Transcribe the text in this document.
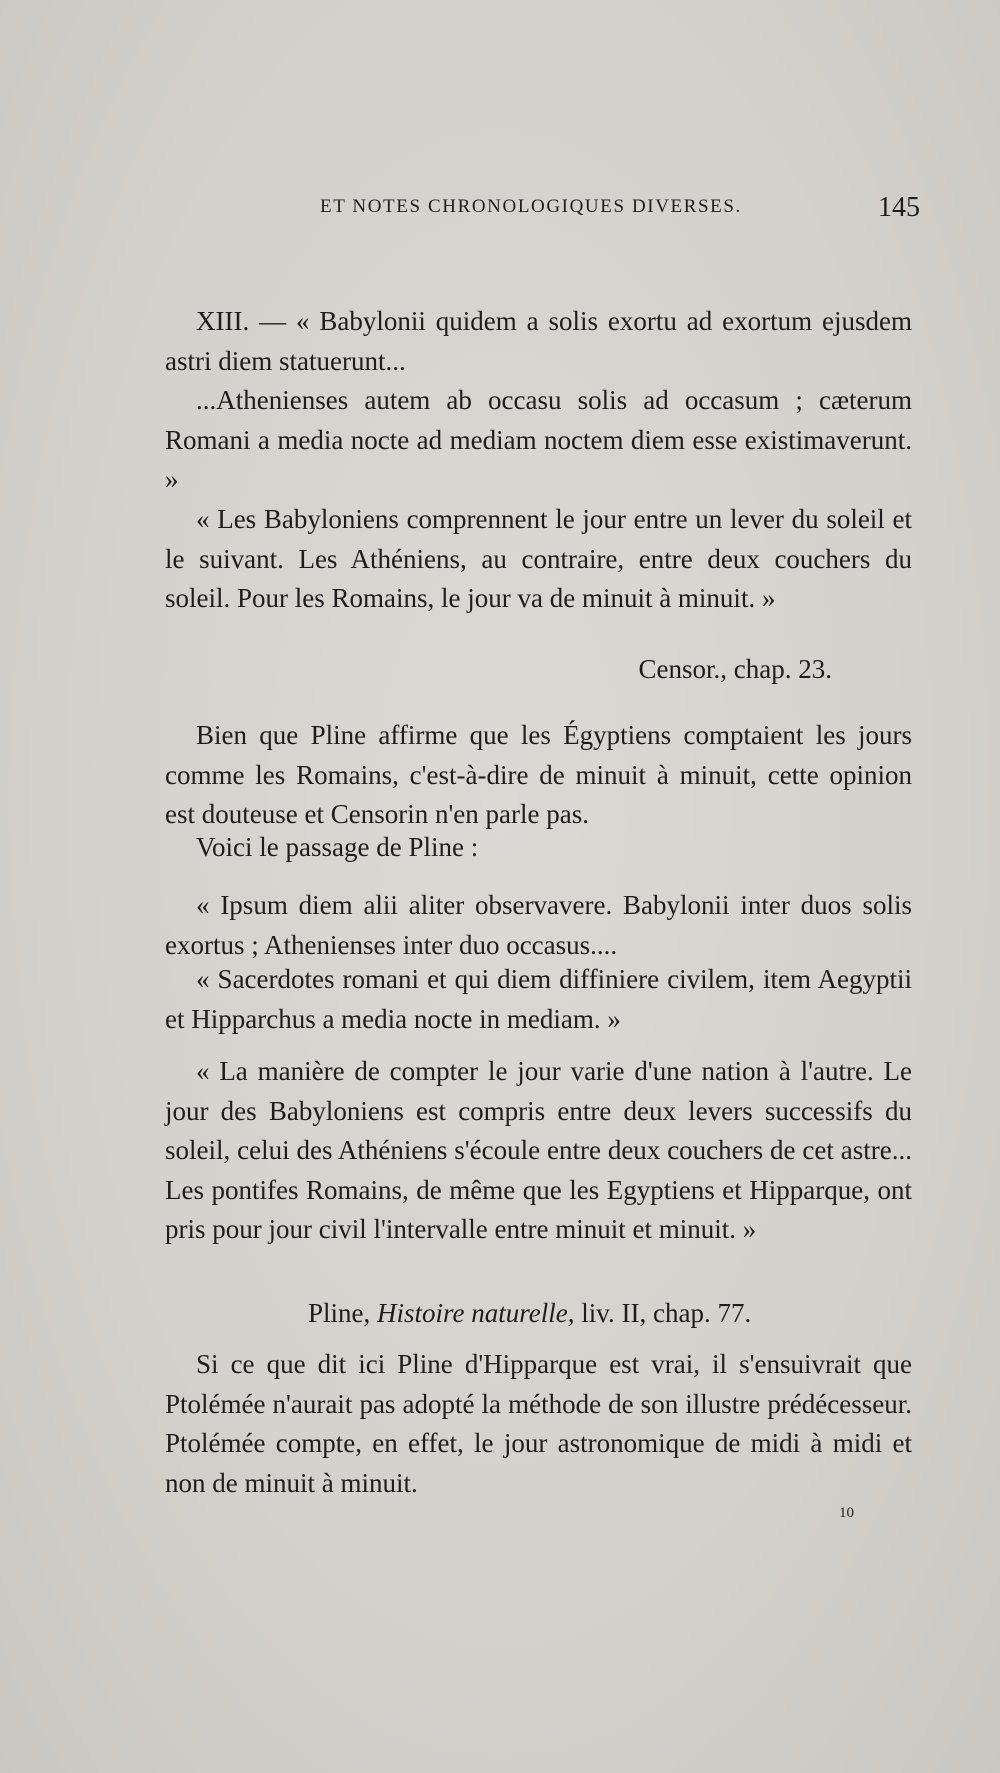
ET NOTES CHRONOLOGIQUES DIVERSES.	145

XIII. — « Babylonii quidem a solis exortu ad exortum ejusdem astri diem statuerunt...

...Athenienses autem ab occasu solis ad occasum ; cæterum Romani a media nocte ad mediam noctem diem esse existimaverunt. »

« Les Babyloniens comprennent le jour entre un lever du soleil et le suivant. Les Athéniens, au contraire, entre deux couchers du soleil. Pour les Romains, le jour va de minuit à minuit. »

Censor., chap. 23.

Bien que Pline affirme que les Égyptiens comptaient les jours comme les Romains, c'est-à-dire de minuit à minuit, cette opinion est douteuse et Censorin n'en parle pas.

Voici le passage de Pline :

« Ipsum diem alii aliter observavere. Babylonii inter duos solis exortus ; Athenienses inter duo occasus....

« Sacerdotes romani et qui diem diffiniere civilem, item Aegyptii et Hipparchus a media nocte in mediam. »

« La manière de compter le jour varie d'une nation à l'autre. Le jour des Babyloniens est compris entre deux levers successifs du soleil, celui des Athéniens s'écoule entre deux couchers de cet astre... Les pontifes Romains, de même que les Egyptiens et Hipparque, ont pris pour jour civil l'intervalle entre minuit et minuit. »

Pline, Histoire naturelle, liv. II, chap. 77.

Si ce que dit ici Pline d'Hipparque est vrai, il s'ensuivrait que Ptolémée n'aurait pas adopté la méthode de son illustre prédécesseur. Ptolémée compte, en effet, le jour astronomique de midi à midi et non de minuit à minuit.

10
